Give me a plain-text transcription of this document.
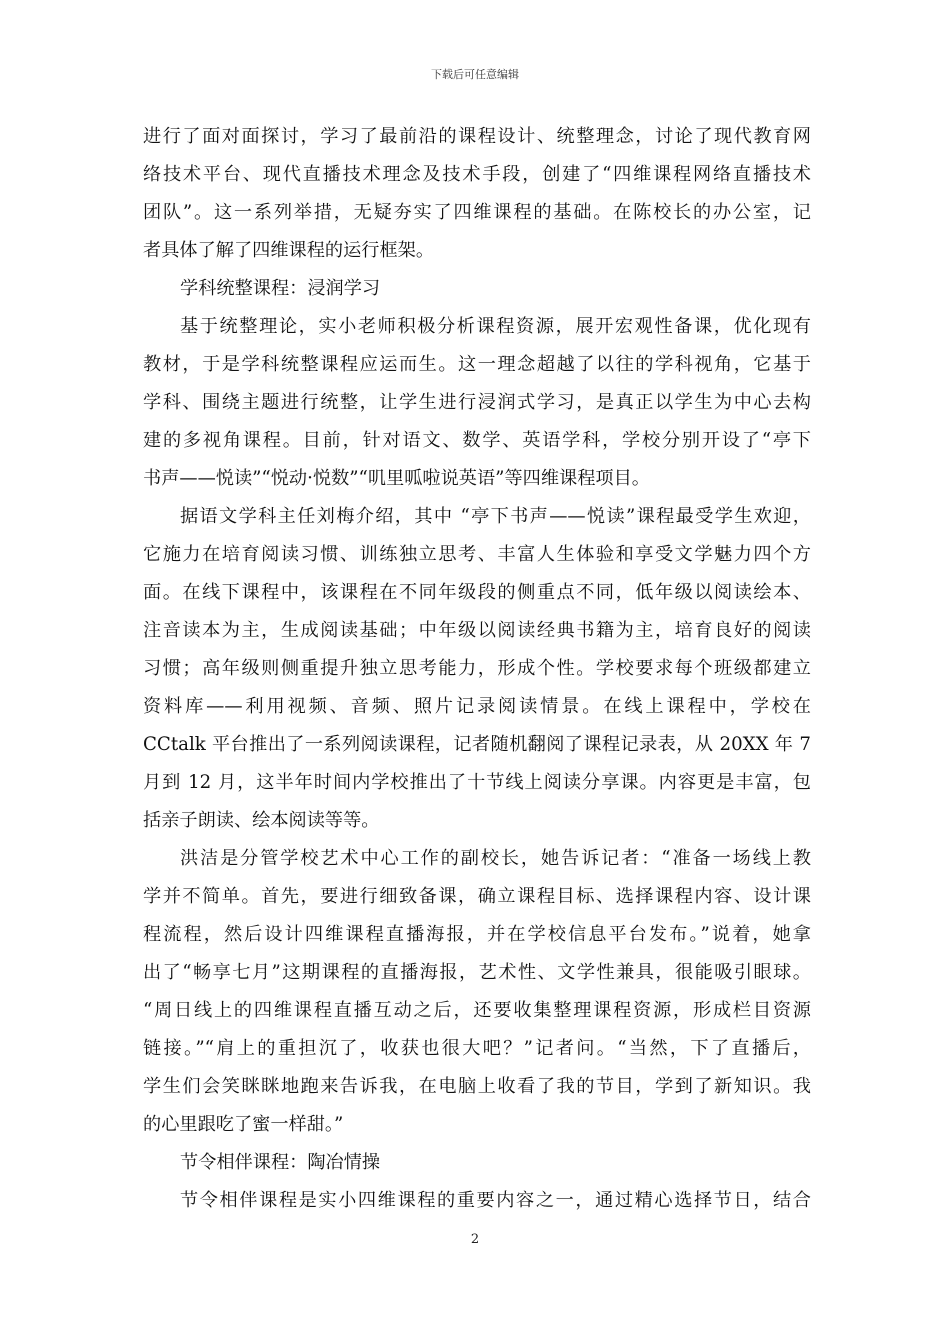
下载后可任意编辑
进行了面对面探讨，学习了最前沿的课程设计、统整理念，讨论了现代教育网
络技术平台、现代直播技术理念及技术手段，创建了“四维课程网络直播技术
团队”。这一系列举措，无疑夯实了四维课程的基础。在陈校长的办公室，记
者具体了解了四维课程的运行框架。
学科统整课程：浸润学习
基于统整理论，实小老师积极分析课程资源，展开宏观性备课，优化现有
教材，于是学科统整课程应运而生。这一理念超越了以往的学科视角，它基于
学科、围绕主题进行统整，让学生进行浸润式学习，是真正以学生为中心去构
建的多视角课程。目前，针对语文、数学、英语学科，学校分别开设了“亭下
书声——悦读”“悦动·悦数”“叽里呱啦说英语”等四维课程项目。
据语文学科主任刘梅介绍，其中 “亭下书声——悦读”课程最受学生欢迎，
它施力在培育阅读习惯、训练独立思考、丰富人生体验和享受文学魅力四个方
面。在线下课程中，该课程在不同年级段的侧重点不同，低年级以阅读绘本、
注音读本为主，生成阅读基础；中年级以阅读经典书籍为主，培育良好的阅读
习惯；高年级则侧重提升独立思考能力，形成个性。学校要求每个班级都建立
资料库——利用视频、音频、照片记录阅读情景。在线上课程中，学校在
CCtalk 平台推出了一系列阅读课程，记者随机翻阅了课程记录表，从 20XX 年 7
月到 12 月，这半年时间内学校推出了十节线上阅读分享课。内容更是丰富，包
括亲子朗读、绘本阅读等等。
洪洁是分管学校艺术中心工作的副校长，她告诉记者：“准备一场线上教
学并不简单。首先，要进行细致备课，确立课程目标、选择课程内容、设计课
程流程，然后设计四维课程直播海报，并在学校信息平台发布。”说着，她拿
出了“畅享七月”这期课程的直播海报，艺术性、文学性兼具，很能吸引眼球。
“周日线上的四维课程直播互动之后，还要收集整理课程资源，形成栏目资源
链接。”“肩上的重担沉了，收获也很大吧？”记者问。“当然，下了直播后，
学生们会笑眯眯地跑来告诉我，在电脑上收看了我的节目，学到了新知识。我
的心里跟吃了蜜一样甜。”
节令相伴课程：陶冶情操
节令相伴课程是实小四维课程的重要内容之一，通过精心选择节日，结合
2
